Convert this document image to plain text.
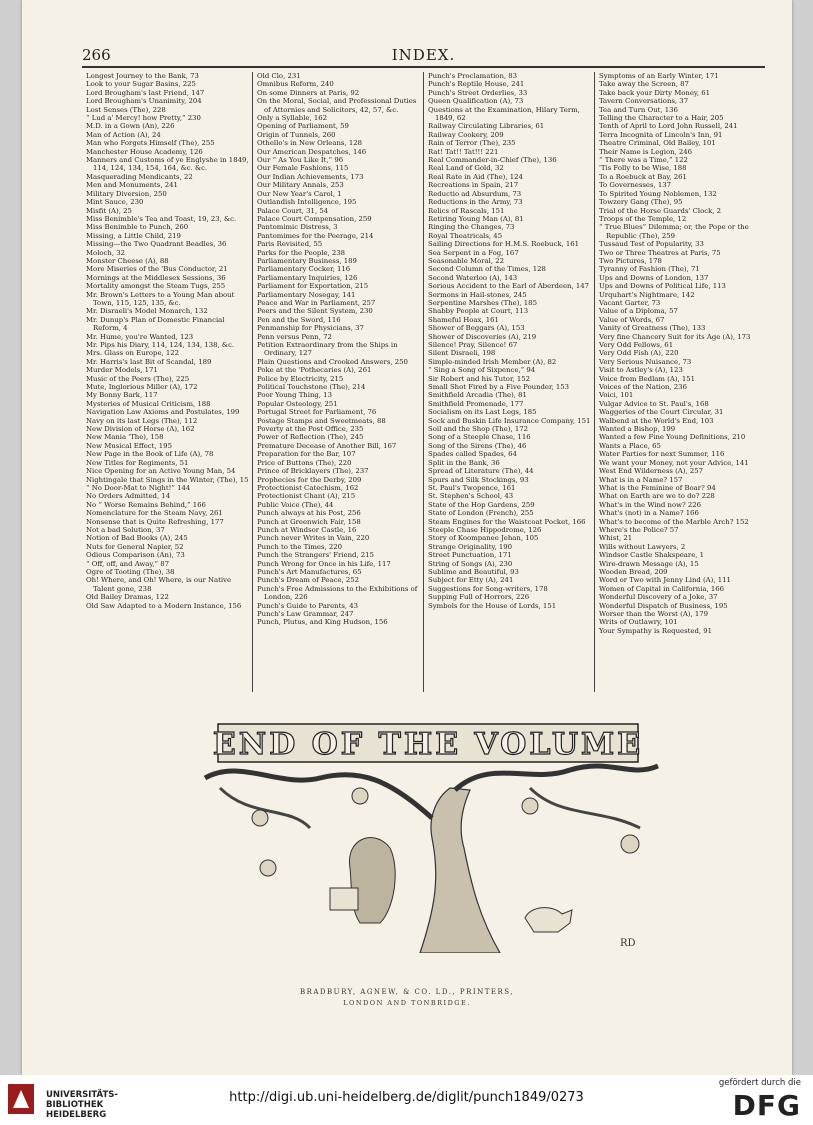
266	INDEX.
Longest Journey to the Bank, 73
Look to your Sugar Basins, 225
Lord Brougham's last Friend, 147
Lord Brougham's Unanimity, 204
Lost Senses (The), 228
“ Lud a' Mercy! how Pretty,” 230
M.D. in a Gown (An), 226
Man of Action (A), 24
Man who Forgets Himself (The), 255
Manchester House Academy, 126
Manners and Customs of ye Englyshe in 1849, 114, 124, 134, 154, 164, &c. &c.
Masquerading Mendicants, 22
Men and Monuments, 241
Military Diversion, 250
Mint Sauce, 230
Misfit (A), 25
Miss Benimble's Tea and Toast, 19, 23, &c.
Miss Benimble to Punch, 260
Missing, a Little Child, 219
Missing—the Two Quadrant Beadles, 36
Moloch, 32
Monster Cheese (A), 88
More Miseries of the 'Bus Conductor, 21
Mornings at the Middlesex Sessions, 36
Mortality amongst the Steam Tugs, 255
Mr. Brown's Letters to a Young Man about Town, 115, 125, 135, &c.
Mr. Disraeli's Model Monarch, 132
Mr. Dunup's Plan of Domestic Financial Reform, 4
Mr. Hume, you're Wanted, 123
Mr. Pips his Diary, 114, 124, 134, 138, &c.
Mrs. Glass on Europe, 122
Mr. Harris's last Bit of Scandal, 189
Murder Models, 171
Music of the Peers (The), 225
Mute, Inglorious Miller (A), 172
My Bonny Bark, 117
Mysteries of Musical Criticism, 188
Navigation Law Axioms and Postulates, 199
Navy on its last Legs (The), 112
New Division of Horse (A), 162
New Mania 'The), 158
New Musical Effect, 195
New Page in the Book of Life (A), 78
New Titles for Regiments, 51
Nice Opening for an Active Young Man, 54
Nightingale that Sings in the Winter, (The), 15
“ No Door-Mat to Night!” 144
No Orders Admitted, 14
No “ Worse Remains Behind,” 166
Nomenclature for the Steam Navy, 261
Nonsense that is Quite Refreshing, 177
Not a bad Solution, 37
Notion of Bad Books (A), 245
Nuts for General Napier, 52
Odious Comparison (An), 73
“ Off, off, and Away,” 87
Ogre of Tooting (The), 38
Oh! Where, and Oh! Where, is our Native Talent gone, 238
Old Bailey Dramas, 122
Old Saw Adapted to a Modern Instance, 156
Old Clo, 231
Omnibus Reform, 240
On some Dinners at Paris, 92
On the Moral, Social, and Professional Duties of Attornies and Solicitors, 42, 57, &c.
Only a Syllable, 162
Opening of Parliament, 59
Origin of Tunnels, 260
Othello's in New Orleans, 128
Our American Despatches, 146
Our “ As You Like It,” 96
Our Female Fashions, 115
Our Indian Achievements, 173
Our Military Annals, 253
Our New Year's Carol, 1
Outlandish Intelligence, 195
Palace Court, 31, 54
Palace Court Compensation, 259
Pantomimic Distress, 3
Pantomimes for the Peerage, 214
Paris Revisited, 55
Parks for the People, 238
Parliamentary Business, 189
Parliamentary Cocker, 116
Parliamentary Inquiries, 126
Parliament for Exportation, 215
Parliamentary Nosegay, 141
Peace and War in Parliament, 257
Peers and the Silent System, 230
Pen and the Sword, 116
Penmanship for Physicians, 37
Penn versus Penn, 72
Petition Extraordinary from the Ships in Ordinary, 127
Plain Questions and Crooked Answers, 250
Poke at the 'Pothecaries (A), 261
Police by Electricity, 215
Political Touchstone (The), 214
Poor Young Thing, 13
Popular Osteology, 251
Portugal Street for Parliament, 76
Postage Stamps and Sweetmeats, 88
Poverty at the Post Office, 235
Power of Reflection (The), 245
Premature Decease of Another Bill, 167
Preparation for the Bar, 107
Price of Buttons (The), 220
Prince of Bricklayers (The), 237
Prophecies for the Derby, 209
Protectionist Catechism, 162
Protectionist Chant (A), 215
Public Voice (The), 44
Punch always at his Post, 256
Punch at Greenwich Fair, 158
Punch at Windsor Castle, 16
Punch never Writes in Vain, 220
Punch to the Times, 220
Punch the Strangers' Friend, 215
Punch Wrong for Once in his Life, 117
Punch's Art Manufactures, 65
Punch's Dream of Peace, 252
Punch's Free Admissions to the Exhibitions of London, 226
Punch's Guide to Parents, 43
Punch's Law Grammar, 247
Punch, Plutus, and King Hudson, 156
Punch's Proclamation, 83
Punch's Reptile House, 241
Punch's Street Orderlies, 33
Queen Qualification (A), 73
Questions at the Examination, Hilary Term, 1849, 62
Railway Circulating Libraries, 61
Railway Cookery, 209
Rain of Terror (The), 235
Rat! Tat!! Tat!!! 221
Real Commander-in-Chief (The), 136
Real Land of Gold, 32
Real Rate in Aid (The), 124
Recreations in Spain, 217
Reductio ad Absurdum, 73
Reductions in the Army, 73
Relics of Rascals, 151
Retiring Young Man (A), 81
Ringing the Changes, 73
Royal Theatricals, 45
Sailing Directions for H.M.S. Roebuck, 161
Sea Serpent in a Fog, 167
Seasonable Moral, 22
Second Column of the Times, 128
Second Waterloo (A), 143
Serious Accident to the Earl of Aberdeen, 147
Sermons in Hail-stones, 245
Serpentine Marshes (The), 185
Shabby People at Court, 113
Shameful Hoax, 161
Shower of Beggars (A), 153
Shower of Discoveries (A), 219
Silence! Pray, Silence! 67
Silent Disraeli, 198
Simple-minded Irish Member (A), 82
“ Sing a Song of Sixpence,” 94
Sir Robert and his Tutor, 152
Small Shot Fired by a Five Pounder, 153
Smithfield Arcadia (The), 81
Smithfield Promenade, 177
Socialism on its Last Legs, 185
Sock and Buskin Life Insurance Company, 151
Soil and the Shop (The), 172
Song of a Steeple Chase, 116
Song of the Sirens (The), 46
Spades called Spades, 64
Split in the Bank, 36
Spread of Literature (The), 44
Spurs and Silk Stockings, 93
St. Paul's Twopence, 161
St. Stephen's School, 43
State of the Hop Gardens, 259
State of London (French), 255
Steam Engines for the Waistcoat Pocket, 166
Steeple Chase Hippodrome, 126
Story of Koompanee Jehan, 105
Strange Originality, 190
Street Punctuation, 171
String of Songs (A), 230
Sublime and Beautiful, 93
Subject for Etty (A), 241
Suggestions for Song-writers, 178
Supping Full of Horrors, 226
Symbols for the House of Lords, 151
Symptoms of an Early Winter, 171
Take away the Screen, 87
Take back your Dirty Money, 61
Tavern Conversations, 37
Tea and Turn Out, 136
Telling the Character to a Hair, 205
Tenth of April to Lord John Russell, 241
Terra Incognita of Lincoln's Inn, 91
Theatre Criminal, Old Bailey, 101
Their Name is Legion, 246
“ There was a Time,” 122
'Tis Folly to be Wise, 188
To a Roebuck at Bay, 261
To Governesses, 137
To Spirited Young Noblemen, 132
Towzery Gang (The), 95
Trial of the Horse Guards' Clock, 2
Troops of the Temple, 12
“ True Blues” Dilemma; or, the Pope or the Republic (The), 259
Tussaud Test of Popularity, 33
Two or Three Theatres at Paris, 75
Two Pictures, 178
Tyranny of Fashion (The), 71
Ups and Downs of London, 137
Ups and Downs of Political Life, 113
Urquhart's Nightmare, 142
Vacant Garter, 73
Value of a Diploma, 57
Value of Words, 67
Vanity of Greatness (The), 133
Very fine Chancery Suit for its Age (A), 173
Very Odd Fellows, 61
Very Odd Fish (A), 220
Very Serious Nuisance, 73
Visit to Astley's (A), 123
Voice from Bedlam (A), 151
Voices of the Nation, 236
Voici, 101
Vulgar Advice to St. Paul's, 168
Waggeries of the Court Circular, 31
Walbend at the World's End, 103
Wanted a Bishop, 199
Wanted a few Fine Young Definitions, 210
Wants a Place, 65
Water Parties for next Summer, 116
We want your Money, not your Advice, 141
West End Wilderness (A), 257
What is in a Name? 157
What is the Feminine of Boar? 94
What on Earth are we to do? 228
What's in the Wind now? 226
What's (not) in a Name? 166
What's to become of the Marble Arch? 152
Where's the Police? 57
Whist, 21
Wills without Lawyers, 2
Windsor Castle Shakspeare, 1
Wire-drawn Message (A), 15
Wooden Bread, 209
Word or Two with Jenny Lind (A), 111
Women of Capital in California, 166
Wonderful Discovery of a Joke, 37
Wonderful Dispatch of Business, 195
Worser than the Worst (A), 179
Writs of Outlawry, 101
Your Sympathy is Requested, 91
END OF THE VOLUME
RD
BRADBURY, AGNEW, & CO. LD., PRINTERS,
LONDON AND TONBRIDGE.
UNIVERSITÄTS-
BIBLIOTHEK
HEIDELBERG
http://digi.ub.uni-heidelberg.de/diglit/punch1849/0273
gefördert durch die
DFG
